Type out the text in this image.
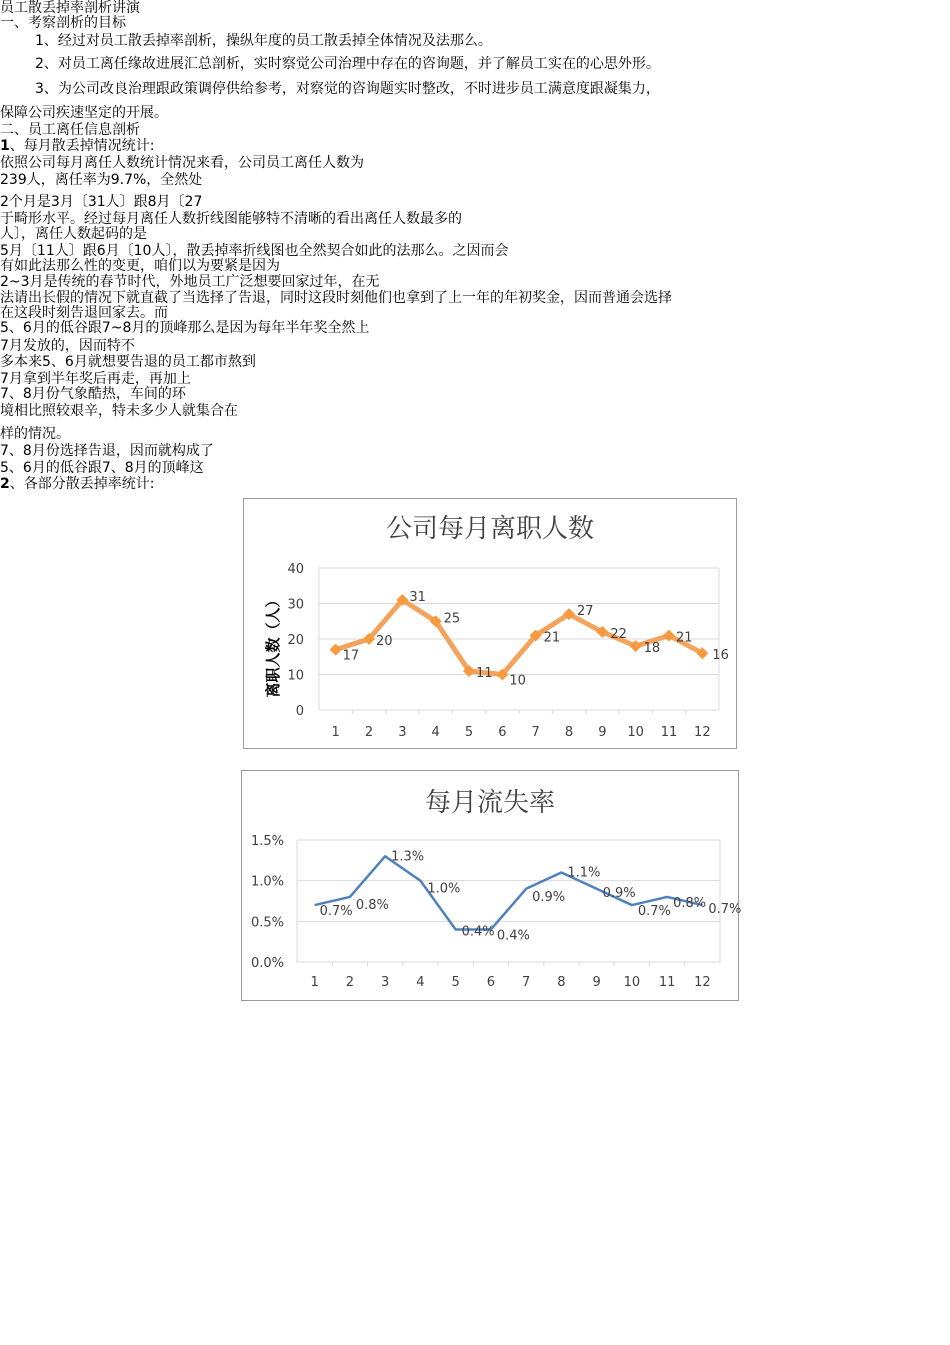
员工散丢掉率剖析讲演
一、考察剖析的目标
1、经过对员工散丢掉率剖析，操纵年度的员工散丢掉全体情况及法那么。
2、对员工离任缘故进展汇总剖析，实时察觉公司治理中存在的咨询题，并了解员工实在的心思外形。
3、为公司改良治理跟政策调停供给参考，对察觉的咨询题实时整改，不时进步员工满意度跟凝集力，
保障公司疾速坚定的开展。
二、员工离任信息剖析
1、每月散丢掉情况统计:
依照公司每月离任人数统计情况来看，公司员工离任人数为
239人，离任率为9.7%，全然处
2个月是3月〔31人〕跟8月〔27
于畸形水平。经过每月离任人数折线图能够特不清晰的看出离任人数最多的
人〕，离任人数起码的是
5月〔11人〕跟6月〔10人〕，散丢掉率折线图也全然契合如此的法那么。之因而会
有如此法那么性的变更，咱们以为要紧是因为
2~3月是传统的春节时代，外地员工广泛想要回家过年，在无
法请出长假的情况下就直截了当选择了告退，同时这段时刻他们也拿到了上一年的年初奖金，因而普通会选择
在这段时刻告退回家去。而
5、6月的低谷跟7~8月的顶峰那么是因为每年半年奖全然上
7月发放的，因而特不
多本来5、6月就想要告退的员工都市熬到
7月拿到半年奖后再走，再加上
7、8月份气象酷热，车间的环
境相比照较艰辛，特未多少人就集合在
样的情况。
7、8月份选择告退，因而就构成了
5、6月的低谷跟7、8月的顶峰这
2、各部分散丢掉率统计:
公司每月离职人数
离职人数（人）
0
10
20
30
40
1 2 3 4 5 6 7 8 9 10 11 12
17
20
31
25
11
10
21
27
22
18
21
16
每月流失率
0.0%
0.5%
1.0%
1.5%
1 2 3 4 5 6 7 8 9 10 11 12
0.7% 0.8%
1.3%
1.0%
0.4% 0.4%
0.9%
1.1%
0.9%
0.7%
0.8% 0.7%
